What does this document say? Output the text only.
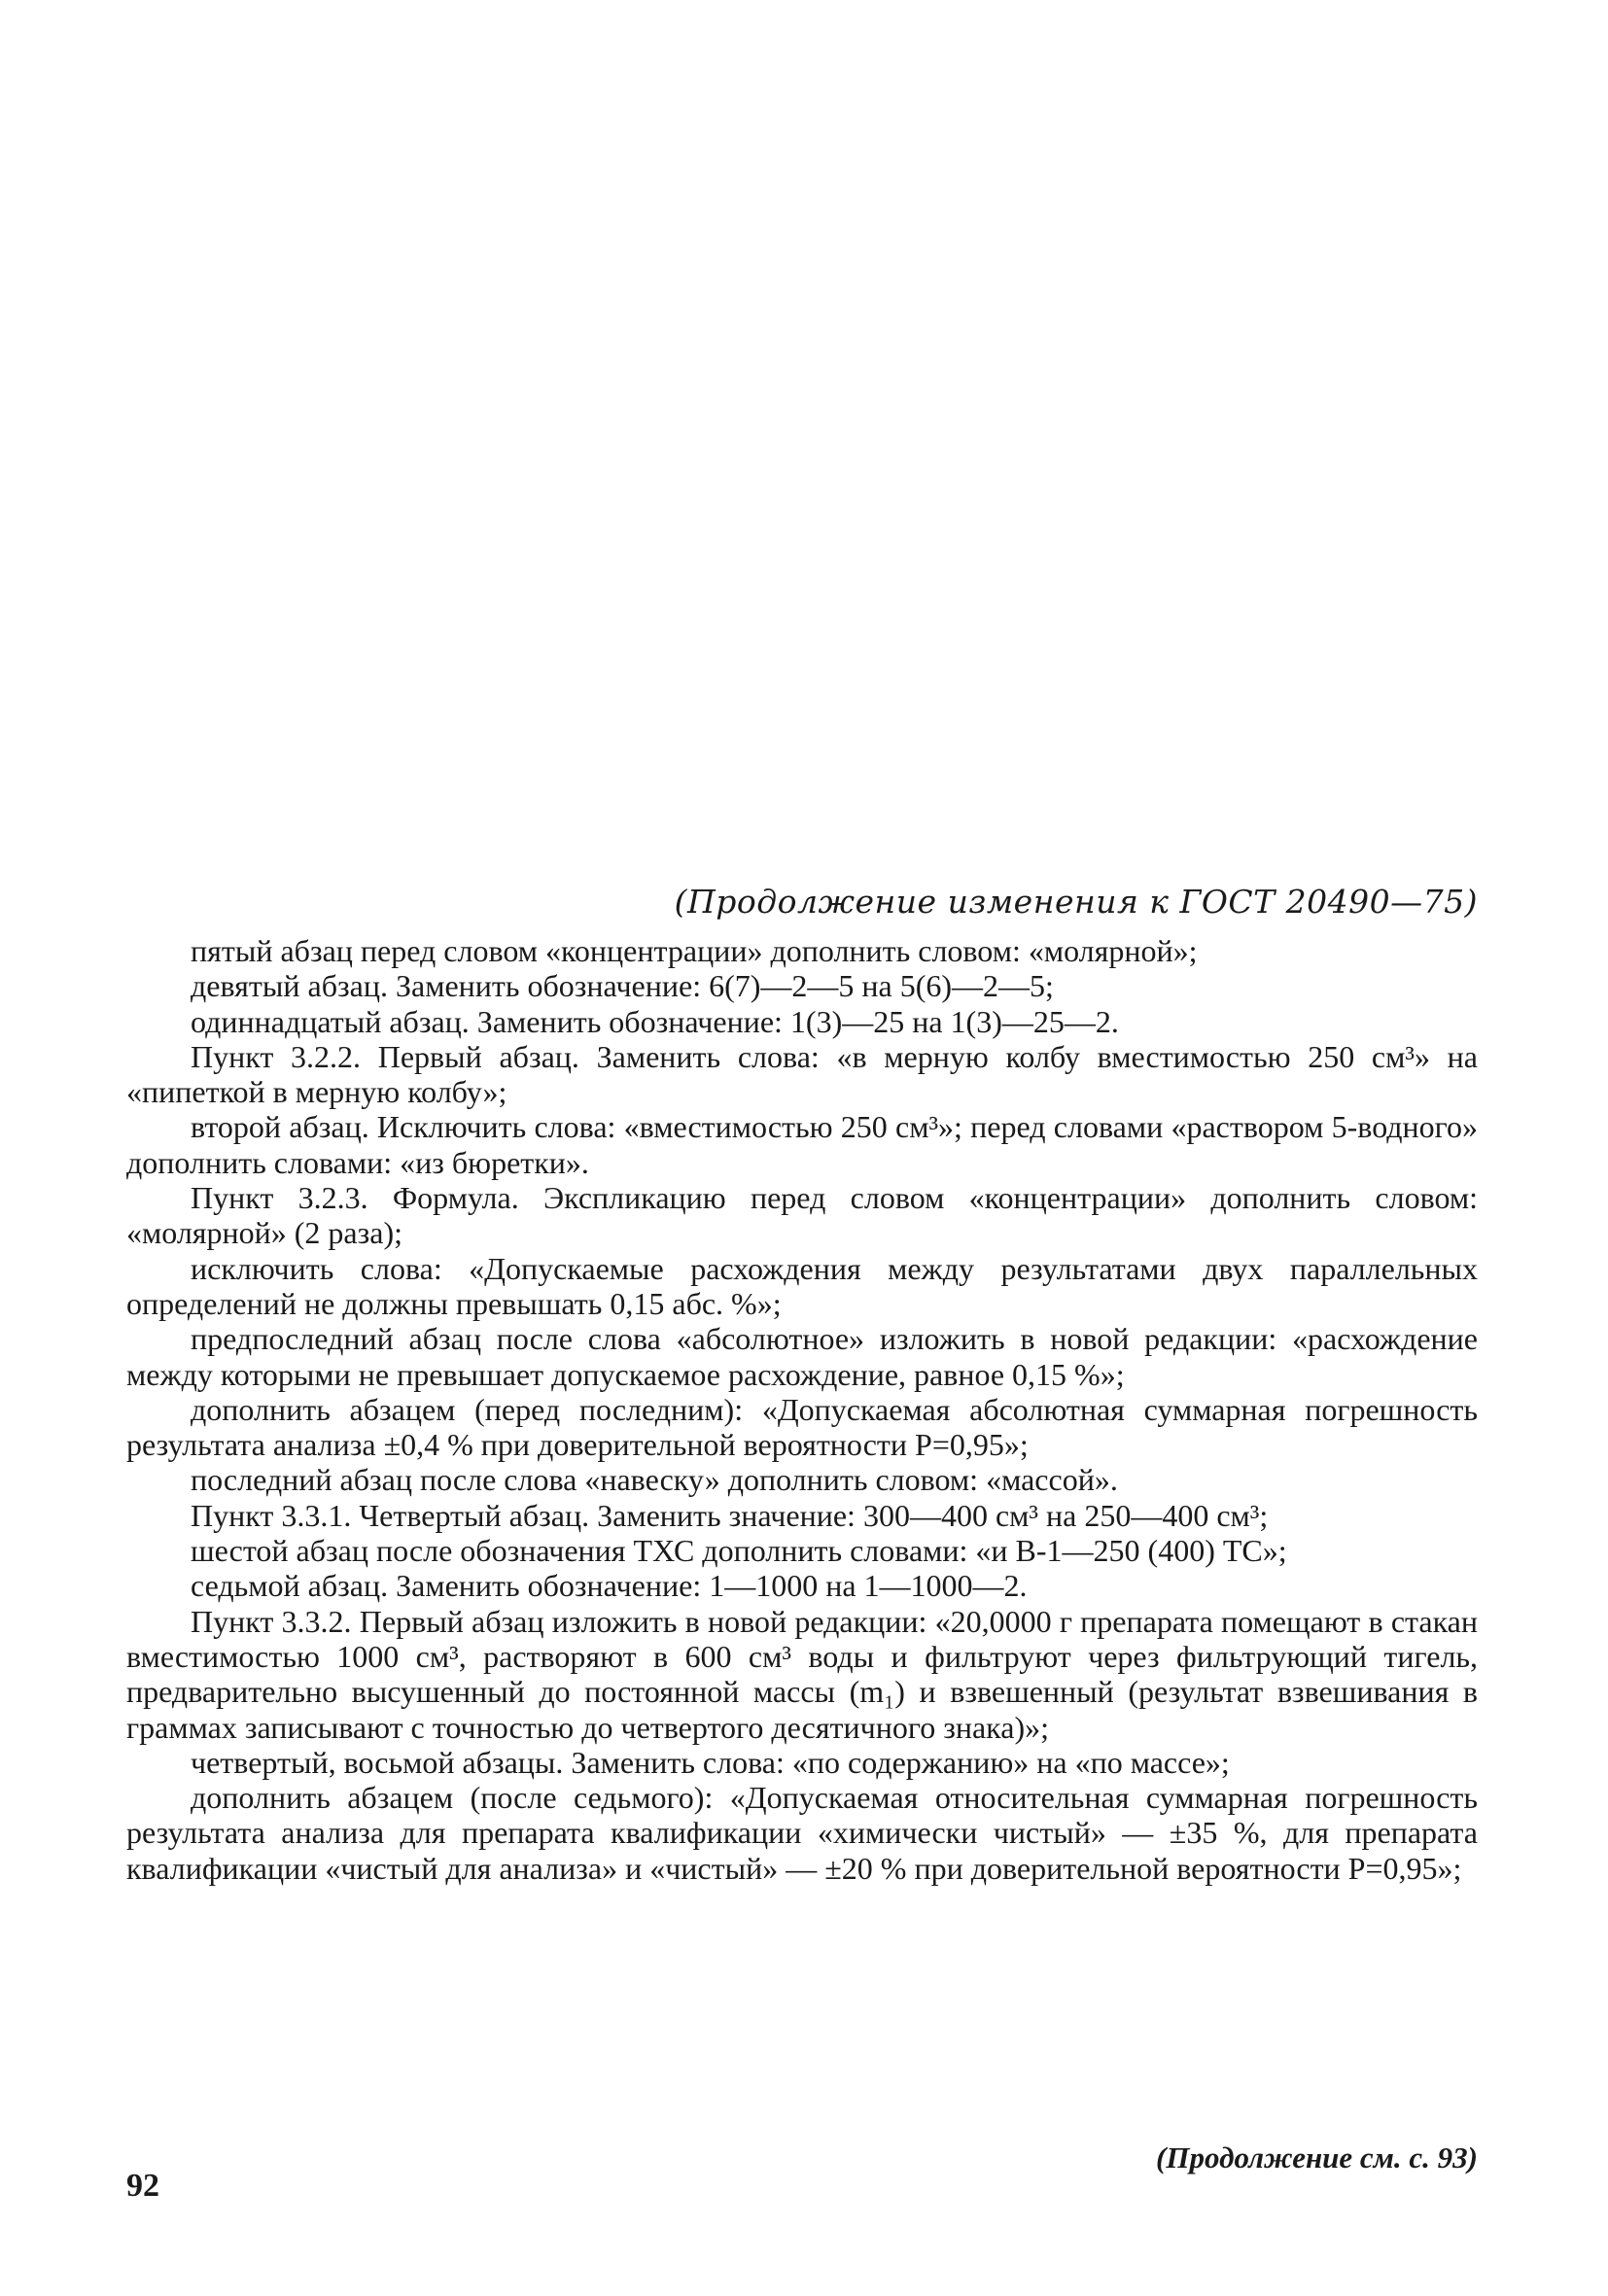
(Продолжение изменения к ГОСТ 20490—75)

пятый абзац перед словом «концентрации» дополнить словом: «молярной»;

девятый абзац. Заменить обозначение: 6(7)—2—5 на 5(6)—2—5;

одиннадцатый абзац. Заменить обозначение: 1(3)—25 на 1(3)—25—2.

Пункт 3.2.2. Первый абзац. Заменить слова: «в мерную колбу вместимостью 250 см³» на «пипеткой в мерную колбу»;

второй абзац. Исключить слова: «вместимостью 250 см³»; перед словами «раствором 5-водного» дополнить словами: «из бюретки».

Пункт 3.2.3. Формула. Экспликацию перед словом «концентрации» дополнить словом: «молярной» (2 раза);

исключить слова: «Допускаемые расхождения между результатами двух параллельных определений не должны превышать 0,15 абс. %»;

предпоследний абзац после слова «абсолютное» изложить в новой редакции: «расхождение между которыми не превышает допускаемое расхождение, равное 0,15 %»;

дополнить абзацем (перед последним): «Допускаемая абсолютная суммарная погрешность результата анализа ±0,4 % при доверительной вероятности P=0,95»;

последний абзац после слова «навеску» дополнить словом: «массой».

Пункт 3.3.1. Четвертый абзац. Заменить значение: 300—400 см³ на 250—400 см³;

шестой абзац после обозначения ТХС дополнить словами: «и В-1—250 (400) ТС»;

седьмой абзац. Заменить обозначение: 1—1000 на 1—1000—2.

Пункт 3.3.2. Первый абзац изложить в новой редакции: «20,0000 г препарата помещают в стакан вместимостью 1000 см³, растворяют в 600 см³ воды и фильтруют через фильтрующий тигель, предварительно высушенный до постоянной массы (m₁) и взвешенный (результат взвешивания в граммах записывают с точностью до четвертого десятичного знака)»;

четвертый, восьмой абзацы. Заменить слова: «по содержанию» на «по массе»;

дополнить абзацем (после седьмого): «Допускаемая относительная суммарная погрешность результата анализа для препарата квалификации «химически чистый» — ±35 %, для препарата квалификации «чистый для анализа» и «чистый» — ±20 % при доверительной вероятности P=0,95»;

(Продолжение см. с. 93)
92
